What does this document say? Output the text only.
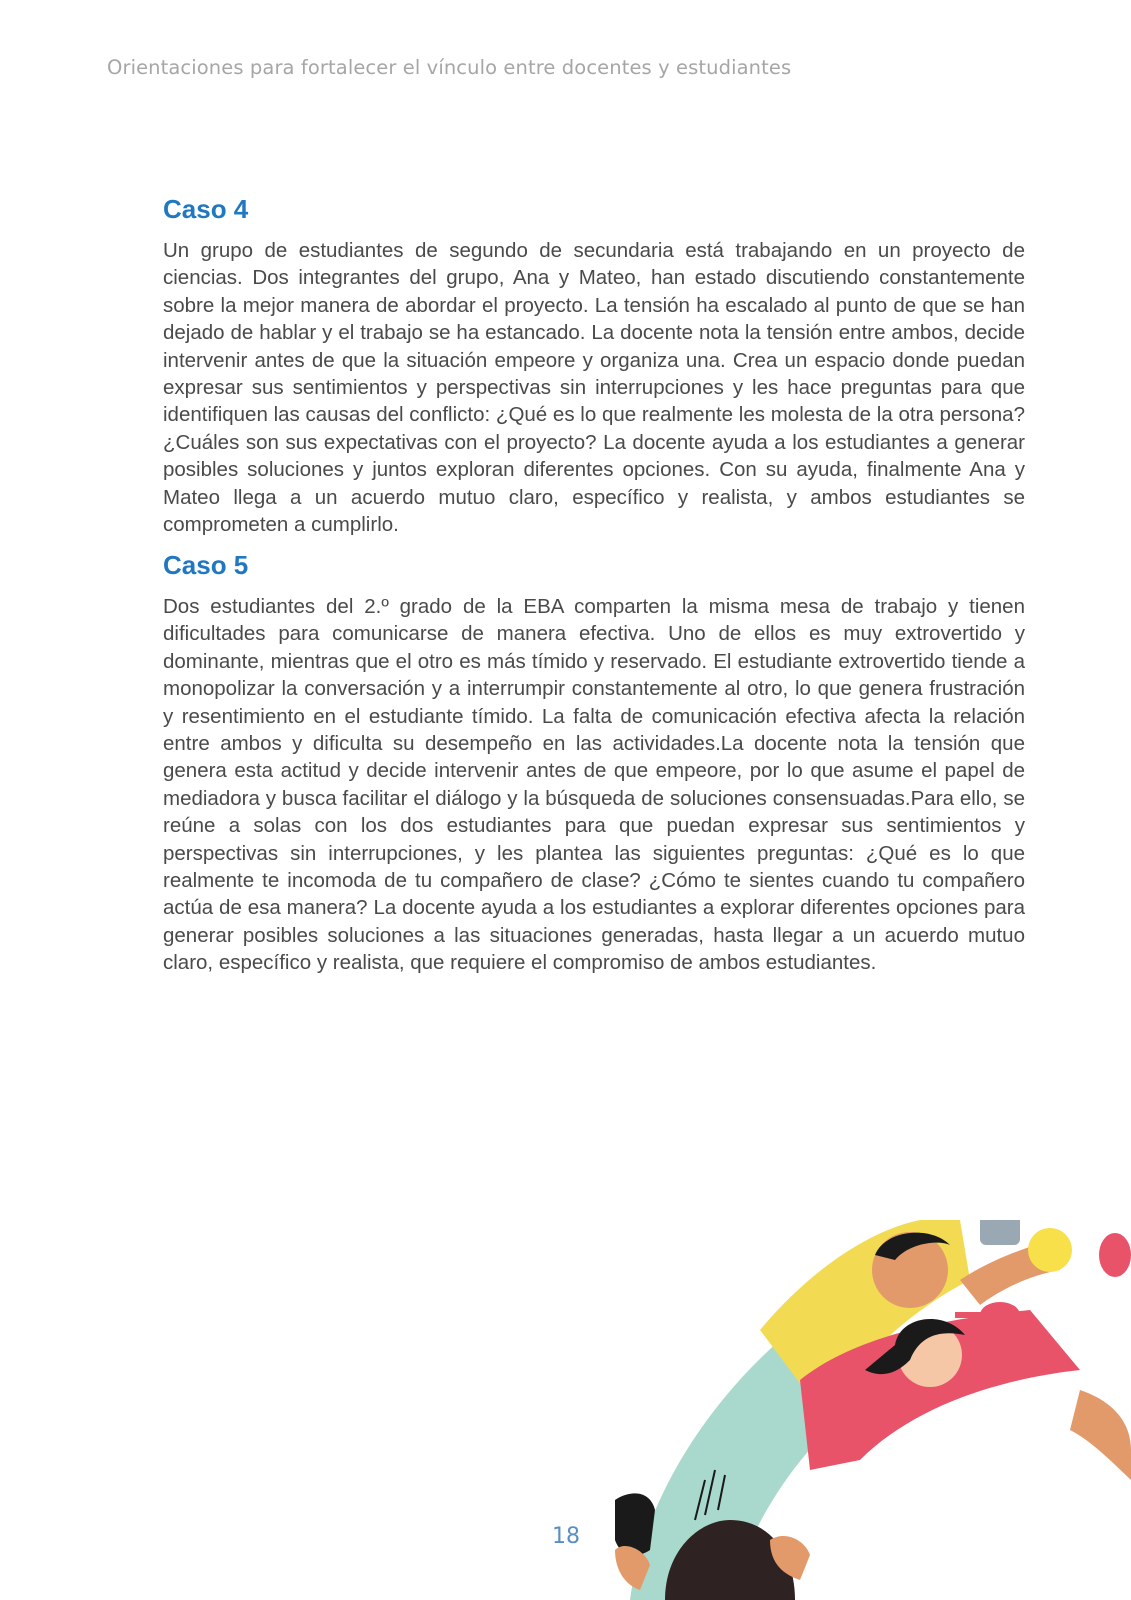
Orientaciones para fortalecer el vínculo entre docentes y estudiantes
Caso 4

Un grupo de estudiantes de segundo de secundaria está trabajando en un proyecto de ciencias. Dos integrantes del grupo, Ana y Mateo, han estado discutiendo constantemente sobre la mejor manera de abordar el proyecto. La tensión ha escalado al punto de que se han dejado de hablar y el trabajo se ha estancado. La docente nota la tensión entre ambos, decide intervenir antes de que la situación empeore y organiza una. Crea un espacio donde puedan expresar sus sentimientos y perspectivas sin interrupciones y les hace preguntas para que identifiquen las causas del conflicto: ¿Qué es lo que realmente les molesta de la otra persona? ¿Cuáles son sus expectativas con el proyecto? La docente ayuda a los estudiantes a generar posibles soluciones y juntos exploran diferentes opciones. Con su ayuda, finalmente Ana y Mateo llega a un acuerdo mutuo claro, específico y realista, y ambos estudiantes se comprometen a cumplirlo.

Caso 5

Dos estudiantes del 2.º grado de la EBA comparten la misma mesa de trabajo y tienen dificultades para comunicarse de manera efectiva. Uno de ellos es muy extrovertido y dominante, mientras que el otro es más tímido y reservado. El estudiante extrovertido tiende a monopolizar la conversación y a interrumpir constantemente al otro, lo que genera frustración y resentimiento en el estudiante tímido. La falta de comunicación efectiva afecta la relación entre ambos y dificulta su desempeño en las actividades.La docente nota la tensión que genera esta actitud y decide intervenir antes de que empeore, por lo que asume el papel de mediadora y busca facilitar el diálogo y la búsqueda de soluciones consensuadas.Para ello, se reúne a solas con los dos estudiantes para que puedan expresar sus sentimientos y perspectivas sin interrupciones, y les plantea las siguientes preguntas: ¿Qué es lo que realmente te incomoda de tu compañero de clase? ¿Cómo te sientes cuando tu compañero actúa de esa manera? La docente ayuda a los estudiantes a explorar diferentes opciones para generar posibles soluciones a las situaciones generadas, hasta llegar a un acuerdo mutuo claro, específico y realista, que requiere el compromiso de ambos estudiantes.

18
